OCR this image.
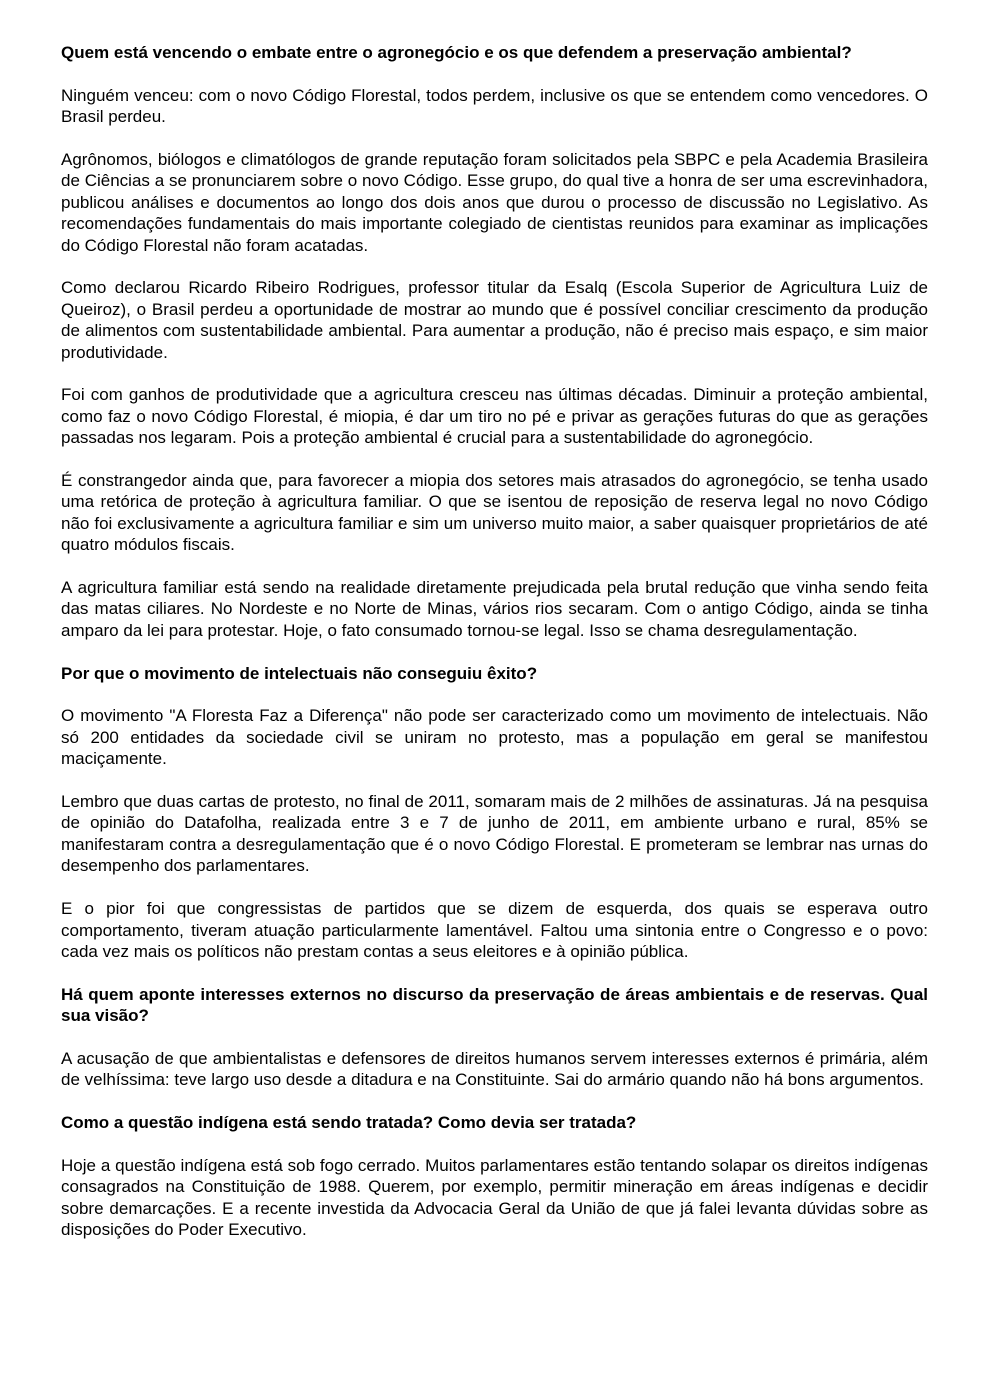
Quem está vencendo o embate entre o agronegócio e os que defendem a preservação ambiental?

Ninguém venceu: com o novo Código Florestal, todos perdem, inclusive os que se entendem como vencedores. O Brasil perdeu.

Agrônomos, biólogos e climatólogos de grande reputação foram solicitados pela SBPC e pela Academia Brasileira de Ciências a se pronunciarem sobre o novo Código. Esse grupo, do qual tive a honra de ser uma escrevinhadora, publicou análises e documentos ao longo dos dois anos que durou o processo de discussão no Legislativo. As recomendações fundamentais do mais importante colegiado de cientistas reunidos para examinar as implicações do Código Florestal não foram acatadas.

Como declarou Ricardo Ribeiro Rodrigues, professor titular da Esalq (Escola Superior de Agricultura Luiz de Queiroz), o Brasil perdeu a oportunidade de mostrar ao mundo que é possível conciliar crescimento da produção de alimentos com sustentabilidade ambiental. Para aumentar a produção, não é preciso mais espaço, e sim maior produtividade.

Foi com ganhos de produtividade que a agricultura cresceu nas últimas décadas. Diminuir a proteção ambiental, como faz o novo Código Florestal, é miopia, é dar um tiro no pé e privar as gerações futuras do que as gerações passadas nos legaram. Pois a proteção ambiental é crucial para a sustentabilidade do agronegócio.

É constrangedor ainda que, para favorecer a miopia dos setores mais atrasados do agronegócio, se tenha usado uma retórica de proteção à agricultura familiar. O que se isentou de reposição de reserva legal no novo Código não foi exclusivamente a agricultura familiar e sim um universo muito maior, a saber quaisquer proprietários de até quatro módulos fiscais.

A agricultura familiar está sendo na realidade diretamente prejudicada pela brutal redução que vinha sendo feita das matas ciliares. No Nordeste e no Norte de Minas, vários rios secaram. Com o antigo Código, ainda se tinha amparo da lei para protestar. Hoje, o fato consumado tornou-se legal. Isso se chama desregulamentação.

Por que o movimento de intelectuais não conseguiu êxito?

O movimento "A Floresta Faz a Diferença" não pode ser caracterizado como um movimento de intelectuais. Não só 200 entidades da sociedade civil se uniram no protesto, mas a população em geral se manifestou maciçamente.

Lembro que duas cartas de protesto, no final de 2011, somaram mais de 2 milhões de assinaturas. Já na pesquisa de opinião do Datafolha, realizada entre 3 e 7 de junho de 2011, em ambiente urbano e rural, 85% se manifestaram contra a desregulamentação que é o novo Código Florestal. E prometeram se lembrar nas urnas do desempenho dos parlamentares.

E o pior foi que congressistas de partidos que se dizem de esquerda, dos quais se esperava outro comportamento, tiveram atuação particularmente lamentável. Faltou uma sintonia entre o Congresso e o povo: cada vez mais os políticos não prestam contas a seus eleitores e à opinião pública.

Há quem aponte interesses externos no discurso da preservação de áreas ambientais e de reservas. Qual sua visão?

A acusação de que ambientalistas e defensores de direitos humanos servem interesses externos é primária, além de velhíssima: teve largo uso desde a ditadura e na Constituinte. Sai do armário quando não há bons argumentos.

Como a questão indígena está sendo tratada? Como devia ser tratada?

Hoje a questão indígena está sob fogo cerrado. Muitos parlamentares estão tentando solapar os direitos indígenas consagrados na Constituição de 1988. Querem, por exemplo, permitir mineração em áreas indígenas e decidir sobre demarcações. E a recente investida da Advocacia Geral da União de que já falei levanta dúvidas sobre as disposições do Poder Executivo.
